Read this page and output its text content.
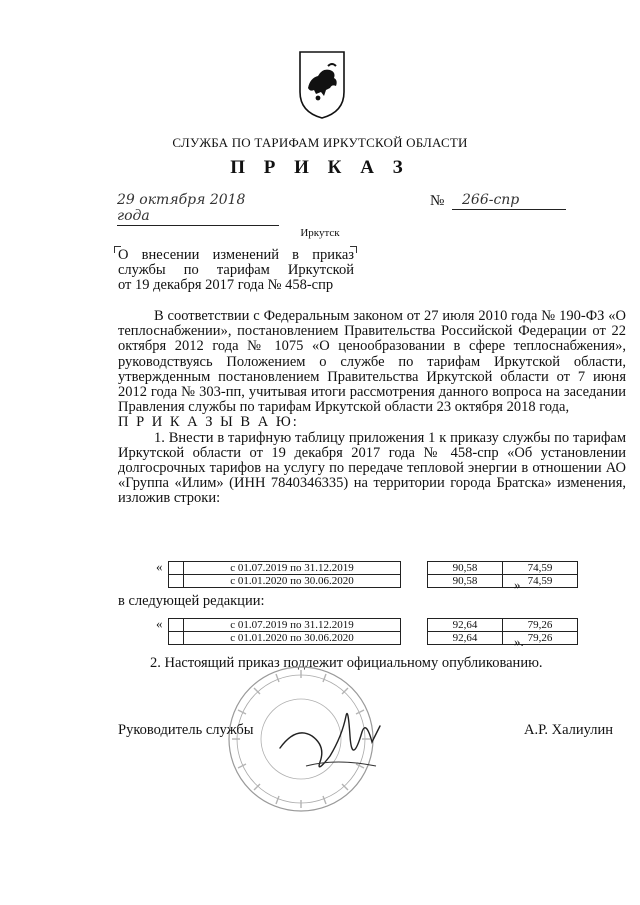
СЛУЖБА ПО ТАРИФАМ ИРКУТСКОЙ ОБЛАСТИ
П Р И К А З
29 октября 2018 года
№	266-спр
Иркутск
О внесении изменений в приказ
службы по тарифам Иркутской
от 19 декабря 2017 года № 458-спр

В соответствии с Федеральным законом от 27 июля 2010 года № 190-ФЗ «О теплоснабжении», постановлением Правительства Российской Федерации от 22 октября 2012 года № 1075 «О ценообразовании в сфере теплоснабжения», руководствуясь Положением о службе по тарифам Иркутской области, утвержденным постановлением Правительства Иркутской области от 7 июня 2012 года № 303-пп, учитывая итоги рассмотрения данного вопроса на заседании Правления службы по тарифам Иркутской области 23 октября 2018 года,

П Р И К А З Ы В А Ю:

1. Внести в тарифную таблицу приложения 1 к приказу службы по тарифам Иркутской области от 19 декабря 2017 года № 458-спр «Об установлении долгосрочных тарифов на услугу по передаче тепловой энергии в отношении АО «Группа «Илим» (ИНН 7840346335) на территории города Братска» изменения, изложив строки:

«
		с 01.07.2019 по 31.12.2019		90,58	74,59
	с 01.01.2020 по 30.06.2020		90,58	74,59
»
в следующей редакции:
«
		с 01.07.2019 по 31.12.2019		92,64	79,26
	с 01.01.2020 по 30.06.2020		92,64	79,26
».
2. Настоящий приказ подлежит официальному опубликованию.
Руководитель службы	А.Р. Халиулин
